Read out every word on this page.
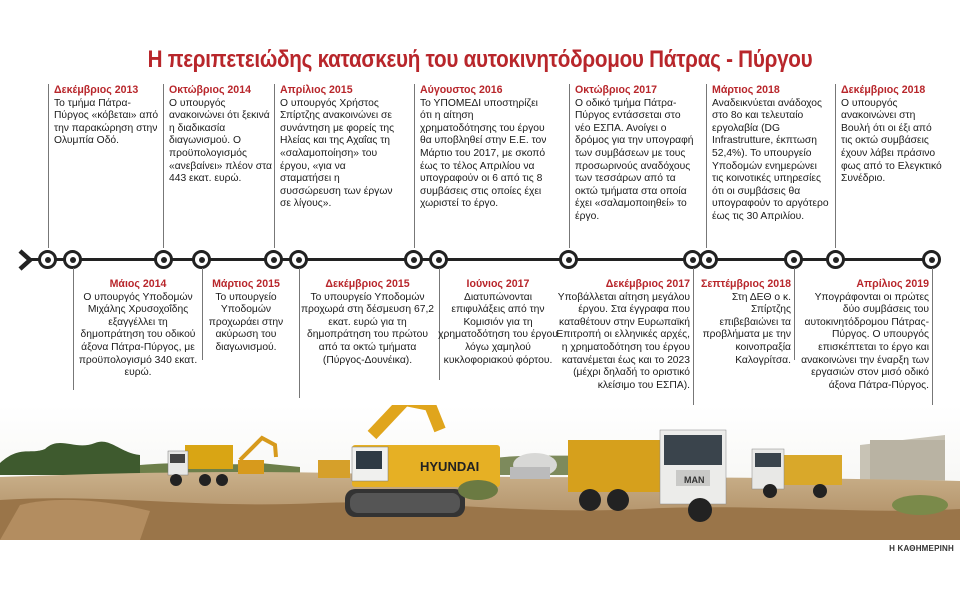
Η περιπετειώδης κατασκευή του αυτοκινητόδρομου Πάτρας - Πύργου
Δεκέμβριος 2013
Το τμήμα Πάτρα-Πύργος «κόβεται» από την παρακώρηση στην Ολυμπία Οδό.
Οκτώβριος 2014
Ο υπουργός ανακοινώνει ότι ξεκινά η διαδικασία διαγωνισμού. Ο προϋπολογισμός «ανεβαίνει» πλέον στα 443 εκατ. ευρώ.
Απρίλιος 2015
Ο υπουργός Χρήστος Σπίρτζης ανακοινώνει σε συνάντηση με φορείς της Ηλείας και της Αχαΐας τη «σαλαμοποίηση» του έργου, «για να σταματήσει η συσσώρευση των έργων σε λίγους».
Αύγουστος 2016
Το ΥΠΟΜΕΔΙ υποστηρίζει ότι η αίτηση χρηματοδότησης του έργου θα υποβληθεί στην Ε.Ε. τον Μάρτιο του 2017, με σκοπό έως το τέλος Απριλίου να υπογραφούν οι 6 από τις 8 συμβάσεις στις οποίες έχει χωριστεί το έργο.
Οκτώβριος 2017
Ο οδικό τμήμα Πάτρα-Πύργος εντάσσεται στο νέο ΕΣΠΑ. Ανοίγει ο δρόμος για την υπογραφή των συμβάσεων με τους προσωρινούς αναδόχους των τεσσάρων από τα οκτώ τμήματα στα οποία έχει «σαλαμοποιηθεί» το έργο.
Μάρτιος 2018
Αναδεικνύεται ανάδοχος στο 8ο και τελευταίο εργολαβία (DG Infrastrutture, έκπτωση 52,4%). Το υπουργείο Υποδομών ενημερώνει τις κοινοτικές υπηρεσίες ότι οι συμβάσεις θα υπογραφούν το αργότερο έως τις 30 Απριλίου.
Δεκέμβριος 2018
Ο υπουργός ανακοινώνει στη Βουλή ότι οι έξι από τις οκτώ συμβάσεις έχουν λάβει πράσινο φως από το Ελεγκτικό Συνέδριο.
Μάιος 2014
Ο υπουργός Υποδομών Μιχάλης Χρυσοχοΐδης εξαγγέλλει τη δημοπράτηση του οδικού άξονα Πάτρα-Πύργος, με προϋπολογισμό 340 εκατ. ευρώ.
Μάρτιος 2015
Το υπουργείο Υποδομών προχωράει στην ακύρωση του διαγωνισμού.
Δεκέμβριος 2015
Το υπουργείο Υποδομών προχωρά στη δέσμευση 67,2 εκατ. ευρώ για τη δημοπράτηση του πρώτου από τα οκτώ τμήματα (Πύργος-Δουνέικα).
Ιούνιος 2017
Διατυπώνονται επιφυλάξεις από την Κομισιόν για τη χρηματοδότηση του έργου λόγω χαμηλού κυκλοφοριακού φόρτου.
Δεκέμβριος 2017
Υποβάλλεται αίτηση μεγάλου έργου. Στα έγγραφα που καταθέτουν στην Ευρωπαϊκή Επιτροπή οι ελληνικές αρχές, η χρηματοδότηση του έργου κατανέμεται έως και το 2023 (μέχρι δηλαδή το οριστικό κλείσιμο του ΕΣΠΑ).
Σεπτέμβριος 2018
Στη ΔΕΘ ο κ. Σπίρτζης επιβεβαιώνει τα προβλήματα με την κοινοπραξία Καλογρίτσα.
Απρίλιος 2019
Υπογράφονται οι πρώτες δύο συμβάσεις του αυτοκινητόδρομου Πάτρας-Πύργος. Ο υπουργός επισκέπτεται το έργο και ανακοινώνει την έναρξη των εργασιών στον μισό οδικό άξονα Πάτρα-Πύργος.
HYUNDAI
MAN
Η ΚΑΘΗΜΕΡΙΝΗ
